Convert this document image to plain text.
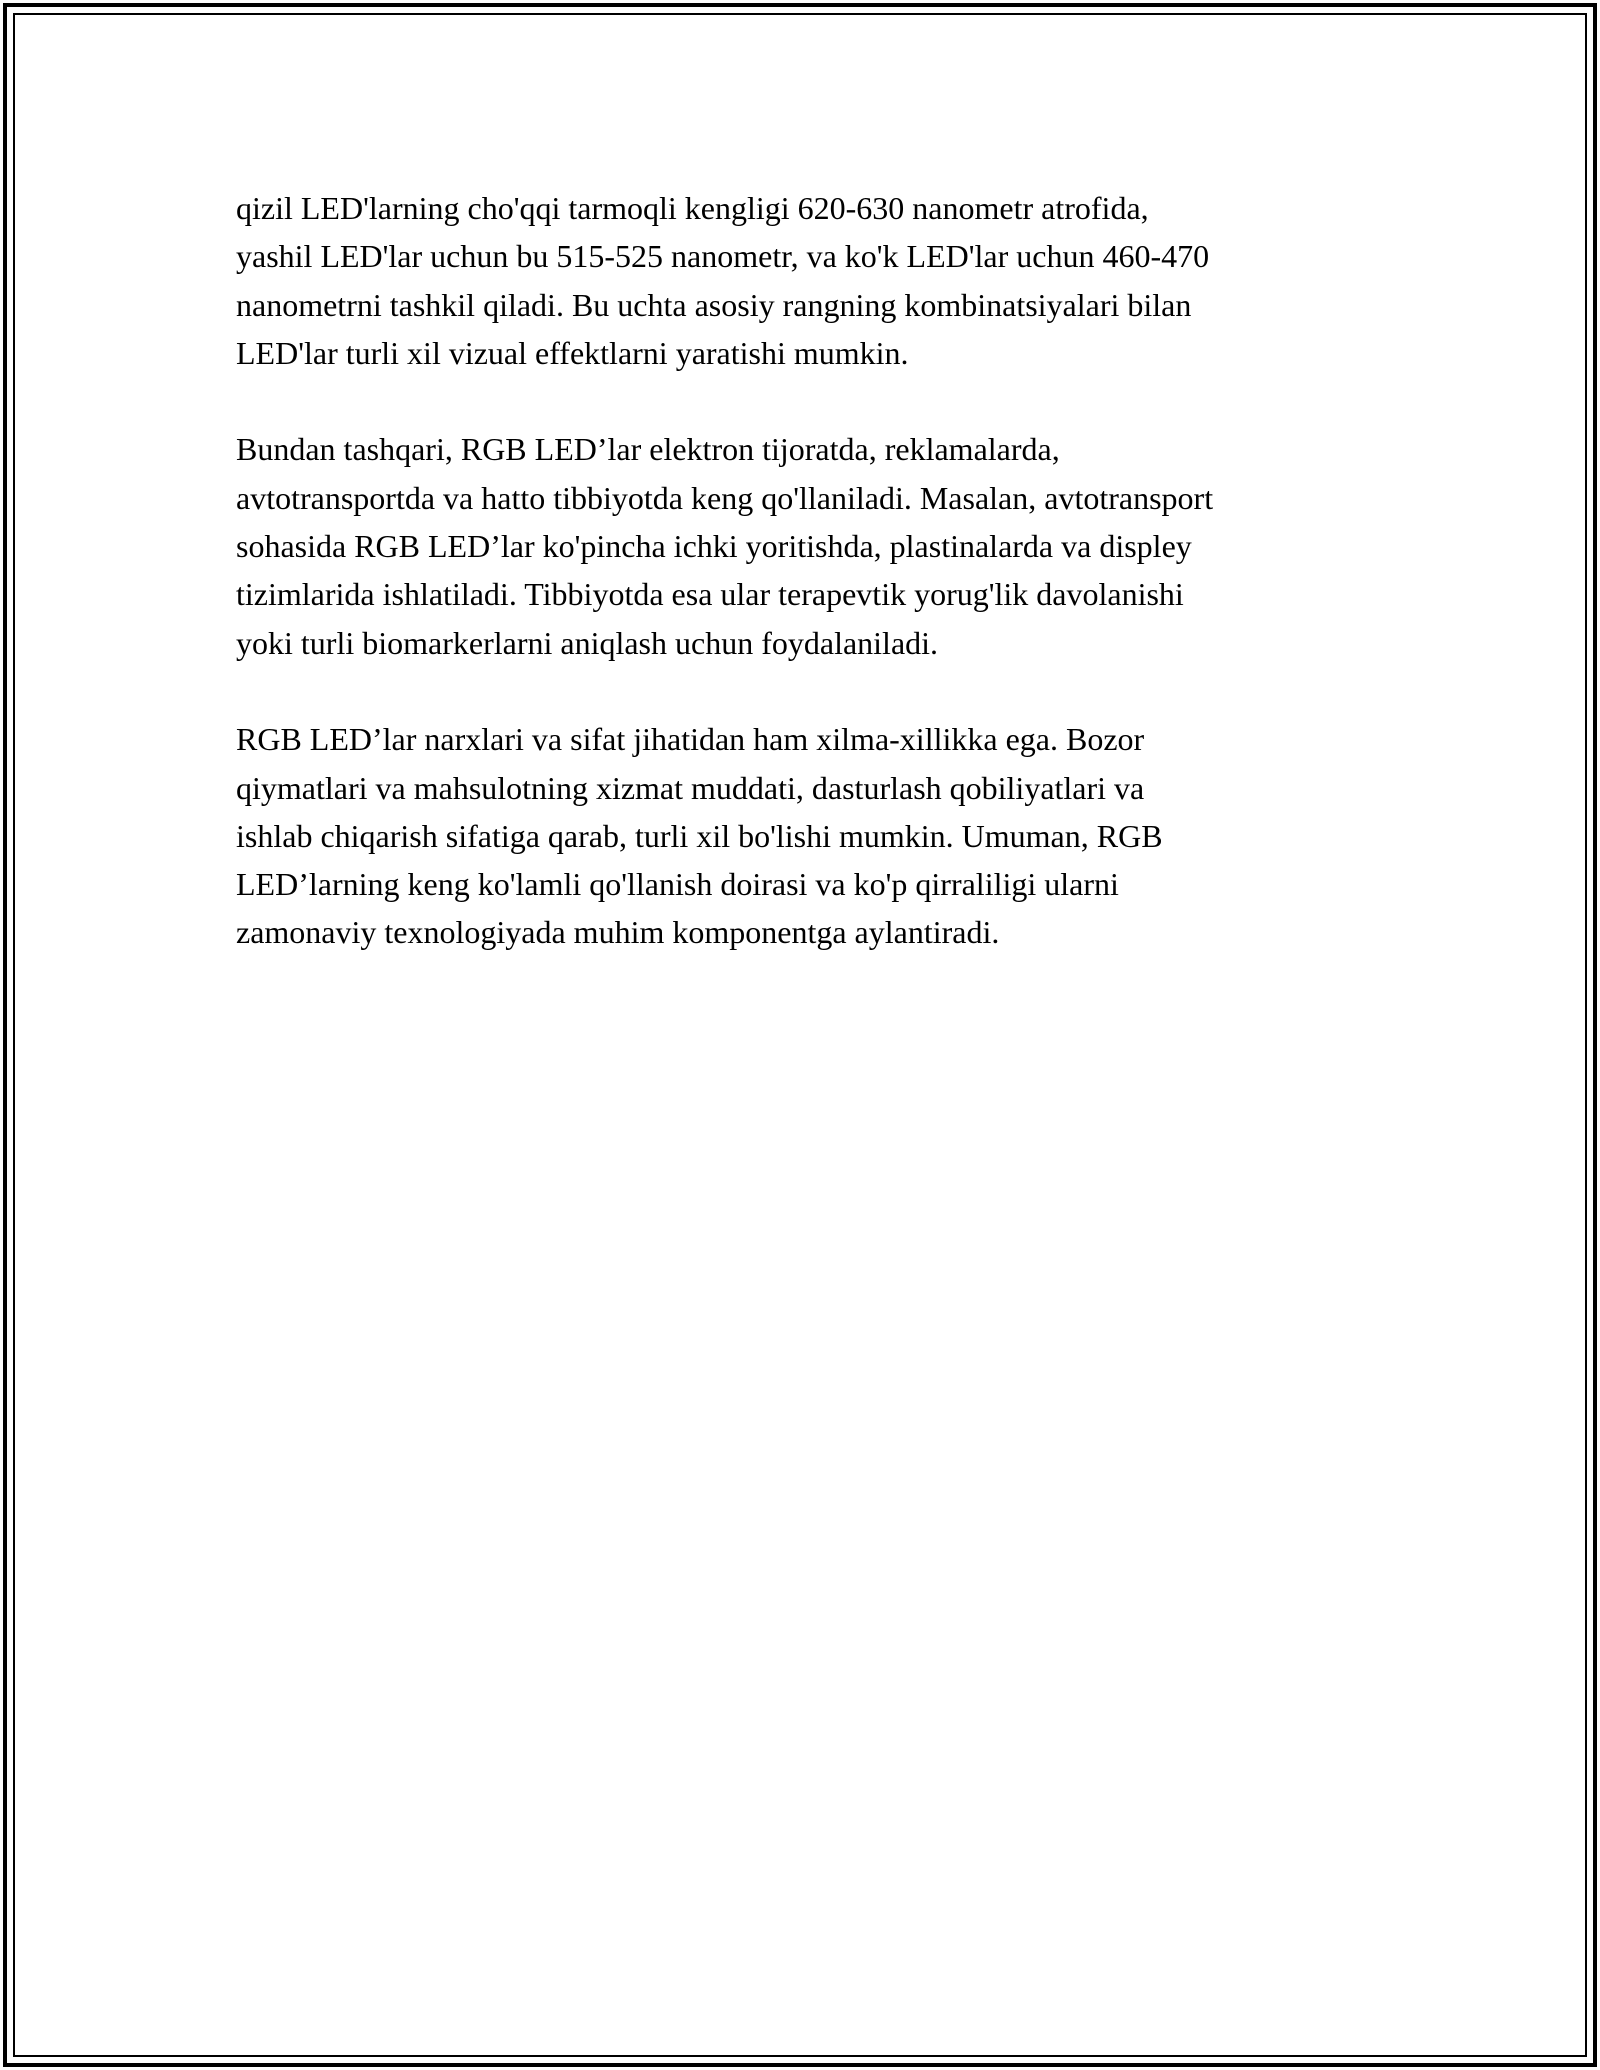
qizil LED'larning cho'qqi tarmoqli kengligi 620-630 nanometr atrofida,
yashil LED'lar uchun bu 515-525 nanometr, va ko'k LED'lar uchun 460-470
nanometrni tashkil qiladi. Bu uchta asosiy rangning kombinatsiyalari bilan
LED'lar turli xil vizual effektlarni yaratishi mumkin.

Bundan tashqari, RGB LED’lar elektron tijoratda, reklamalarda,
avtotransportda va hatto tibbiyotda keng qo'llaniladi. Masalan, avtotransport
sohasida RGB LED’lar ko'pincha ichki yoritishda, plastinalarda va displey
tizimlarida ishlatiladi. Tibbiyotda esa ular terapevtik yorug'lik davolanishi
yoki turli biomarkerlarni aniqlash uchun foydalaniladi.

RGB LED’lar narxlari va sifat jihatidan ham xilma-xillikka ega. Bozor
qiymatlari va mahsulotning xizmat muddati, dasturlash qobiliyatlari va
ishlab chiqarish sifatiga qarab, turli xil bo'lishi mumkin. Umuman, RGB
LED’larning keng ko'lamli qo'llanish doirasi va ko'p qirraliligi ularni
zamonaviy texnologiyada muhim komponentga aylantiradi.
